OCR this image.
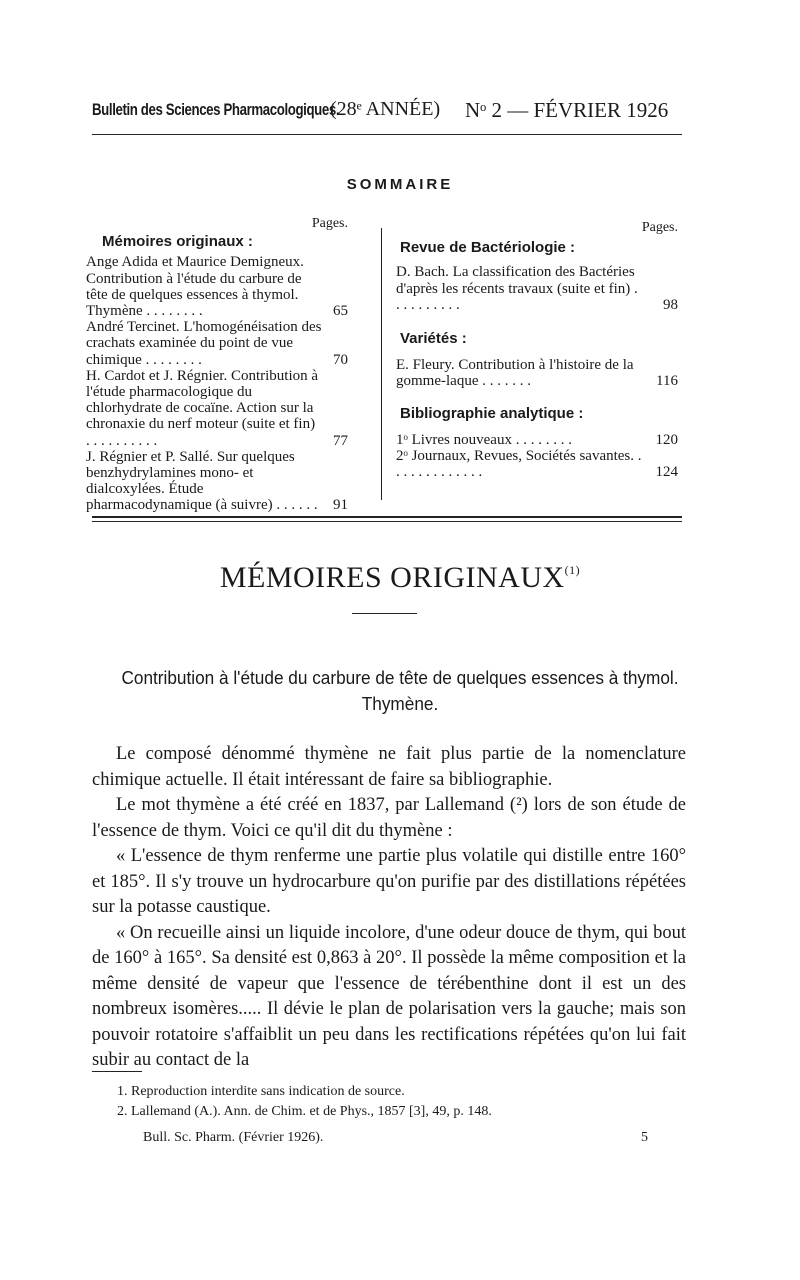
Bulletin des Sciences Pharmacologiques.
(28ᵉ ANNÉE) Nᵒ 2 — FÉVRIER 1926
SOMMAIRE
Pages.
Mémoires originaux :
Ange Adida et Maurice Demigneux. Contribution à l'étude du carbure de tête de quelques essences à thymol. Thymène . . . . . . . .	65
André Tercinet. L'homogénéisation des crachats examinée du point de vue chimique . . . . . . . .	70
H. Cardot et J. Régnier. Contribution à l'étude pharmacologique du chlorhydrate de cocaïne. Action sur la chronaxie du nerf moteur (suite et fin) . . . . . . . . . .	77
J. Régnier et P. Sallé. Sur quelques benzhydrylamines mono- et dialcoxylées. Étude pharmacodynamique (à suivre) . . . . . . 91
Pages.
Revue de Bactériologie :
D. Bach. La classification des Bactéries d'après les récents travaux (suite et fin) . . . . . . . . . .	98
Variétés :
E. Fleury. Contribution à l'histoire de la gomme-laque . . . . . . .	116
Bibliographie analytique :
1ᵒ Livres nouveaux . . . . . . . .	120
2ᵒ Journaux, Revues, Sociétés savantes. . . . . . . . . . . . . .	124
MÉMOIRES ORIGINAUX$^{(1)}$
Contribution à l'étude du carbure de tête de quelques essences à thymol. Thymène.

Le composé dénommé thymène ne fait plus partie de la nomenclature chimique actuelle. Il était intéressant de faire sa bibliographie.

Le mot thymène a été créé en 1837, par Lallemand (²) lors de son étude de l'essence de thym. Voici ce qu'il dit du thymène :

« L'essence de thym renferme une partie plus volatile qui distille entre 160° et 185°. Il s'y trouve un hydrocarbure qu'on purifie par des distillations répétées sur la potasse caustique.

« On recueille ainsi un liquide incolore, d'une odeur douce de thym, qui bout de 160° à 165°. Sa densité est 0,863 à 20°. Il possède la même composition et la même densité de vapeur que l'essence de térébenthine dont il est un des nombreux isomères..... Il dévie le plan de polarisation vers la gauche; mais son pouvoir rotatoire s'affaiblit un peu dans les rectifications répétées qu'on lui fait subir au contact de la

1. Reproduction interdite sans indication de source.
2. Lallemand (A.). Ann. de Chim. et de Phys., 1857 [3], 49, p. 148.
Bull. Sc. Pharm. (Février 1926).	5
